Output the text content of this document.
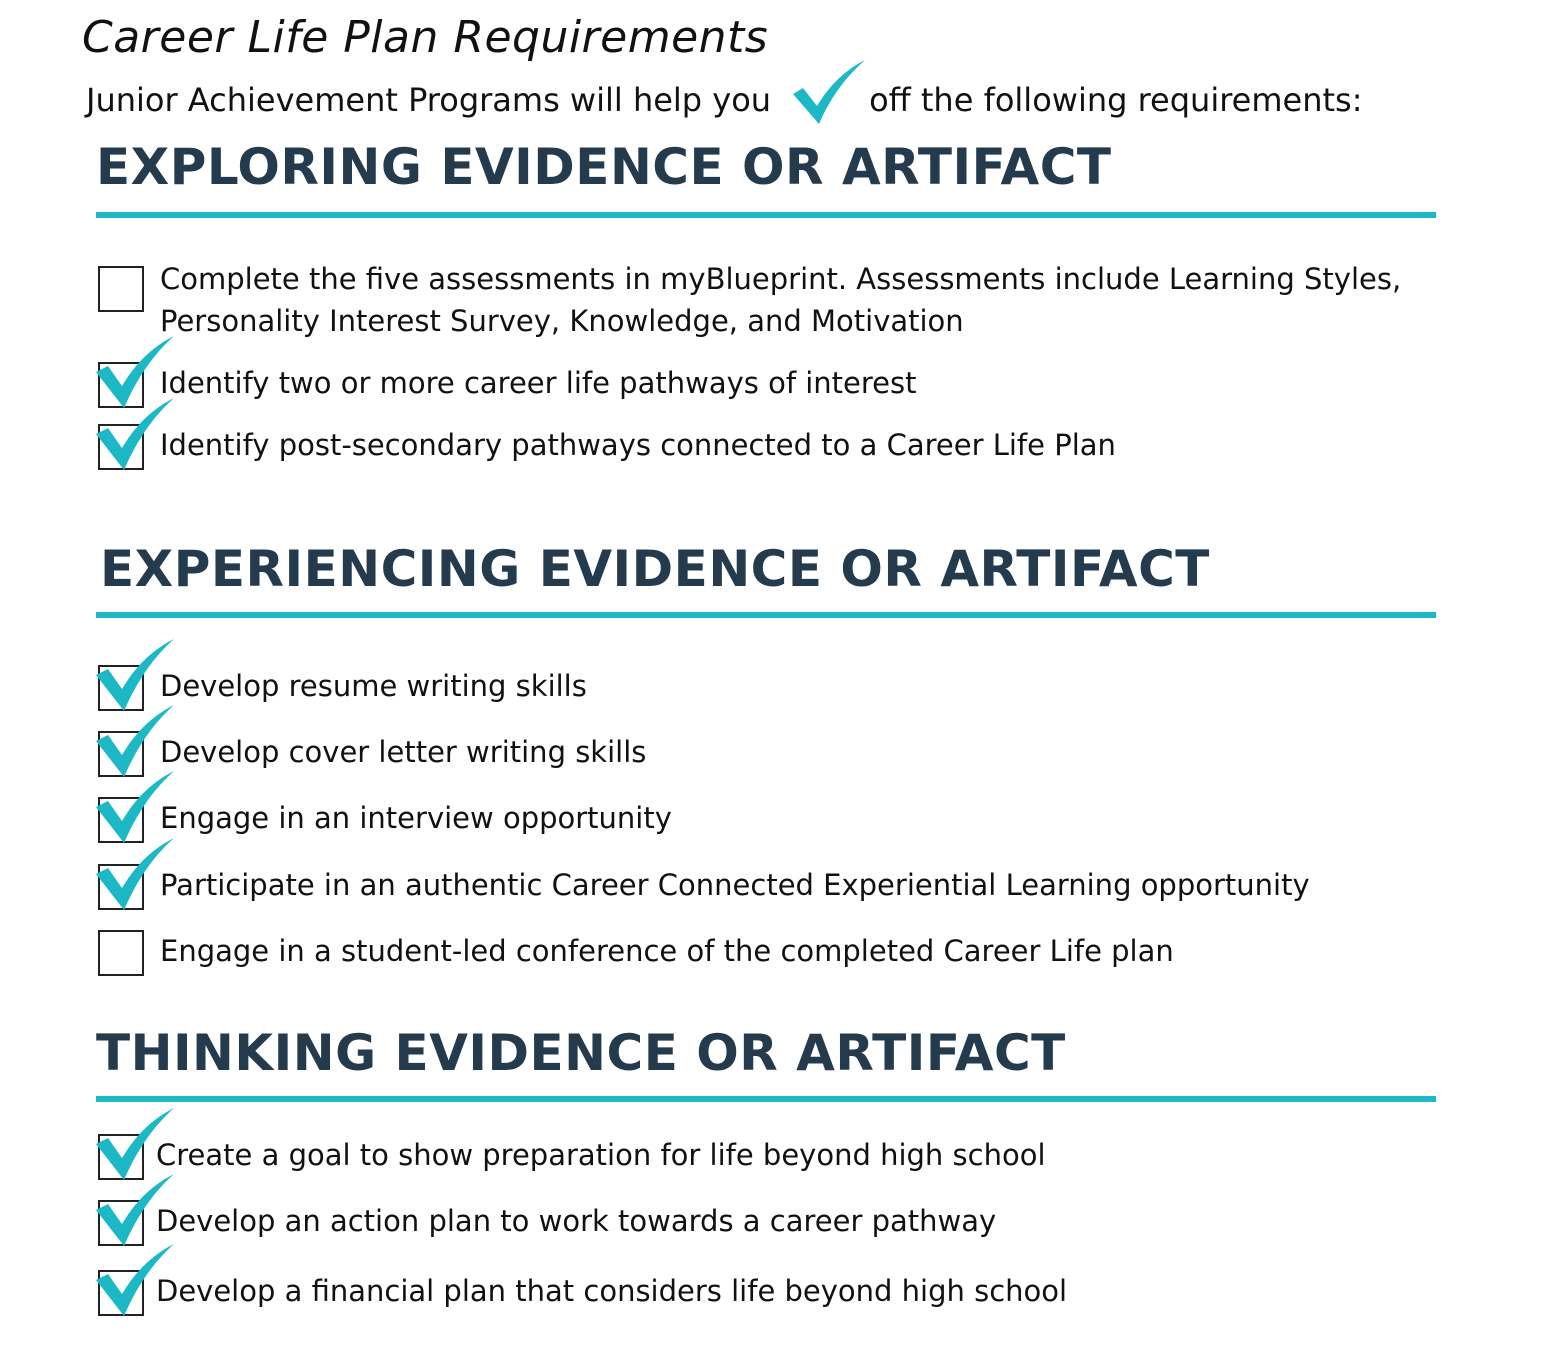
Career Life Plan Requirements
Junior Achievement Programs will help you	off the following requirements:
EXPLORING EVIDENCE OR ARTIFACT
Complete the five assessments in myBlueprint. Assessments include Learning Styles, Personality Interest Survey, Knowledge, and Motivation
Identify two or more career life pathways of interest
Identify post-secondary pathways connected to a Career Life Plan
EXPERIENCING EVIDENCE OR ARTIFACT
Develop resume writing skills
Develop cover letter writing skills
Engage in an interview opportunity
Participate in an authentic Career Connected Experiential Learning opportunity
Engage in a student-led conference of the completed Career Life plan
THINKING EVIDENCE OR ARTIFACT
Create a goal to show preparation for life beyond high school
Develop an action plan to work towards a career pathway
Develop a financial plan that considers life beyond high school
